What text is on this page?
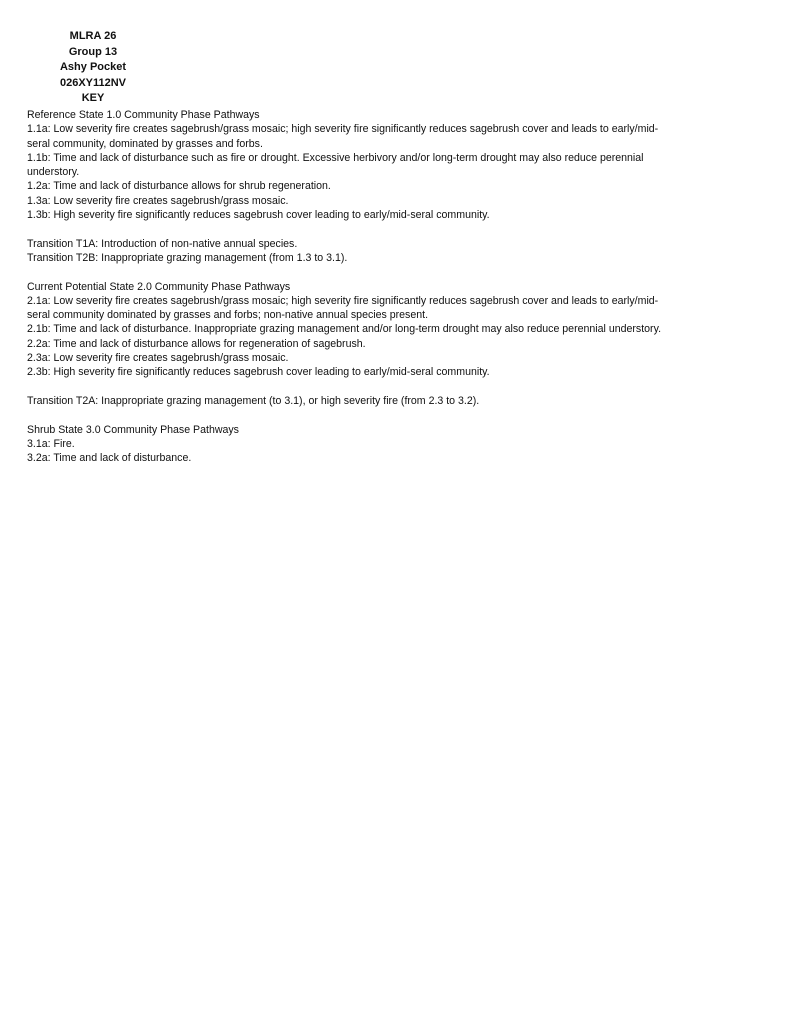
MLRA 26
Group 13
Ashy Pocket
026XY112NV
KEY
Reference State 1.0 Community Phase Pathways
1.1a: Low severity fire creates sagebrush/grass mosaic; high severity fire significantly reduces sagebrush cover and leads to early/mid-
seral community, dominated by grasses and forbs.
1.1b: Time and lack of disturbance such as fire or drought. Excessive herbivory and/or long-term drought may also reduce perennial
understory.
1.2a: Time and lack of disturbance allows for shrub regeneration.
1.3a: Low severity fire creates sagebrush/grass mosaic.
1.3b: High severity fire significantly reduces sagebrush cover leading to early/mid-seral community.
Transition T1A: Introduction of non-native annual species.
Transition T2B: Inappropriate grazing management (from 1.3 to 3.1).
Current Potential State 2.0 Community Phase Pathways
2.1a: Low severity fire creates sagebrush/grass mosaic; high severity fire significantly reduces sagebrush cover and leads to early/mid-
seral community dominated by grasses and forbs; non-native annual species present.
2.1b: Time and lack of disturbance. Inappropriate grazing management and/or long-term drought may also reduce perennial understory.
2.2a: Time and lack of disturbance allows for regeneration of sagebrush.
2.3a: Low severity fire creates sagebrush/grass mosaic.
2.3b: High severity fire significantly reduces sagebrush cover leading to early/mid-seral community.
Transition T2A: Inappropriate grazing management (to 3.1), or high severity fire (from 2.3 to 3.2).
Shrub State 3.0 Community Phase Pathways
3.1a: Fire.
3.2a: Time and lack of disturbance.
